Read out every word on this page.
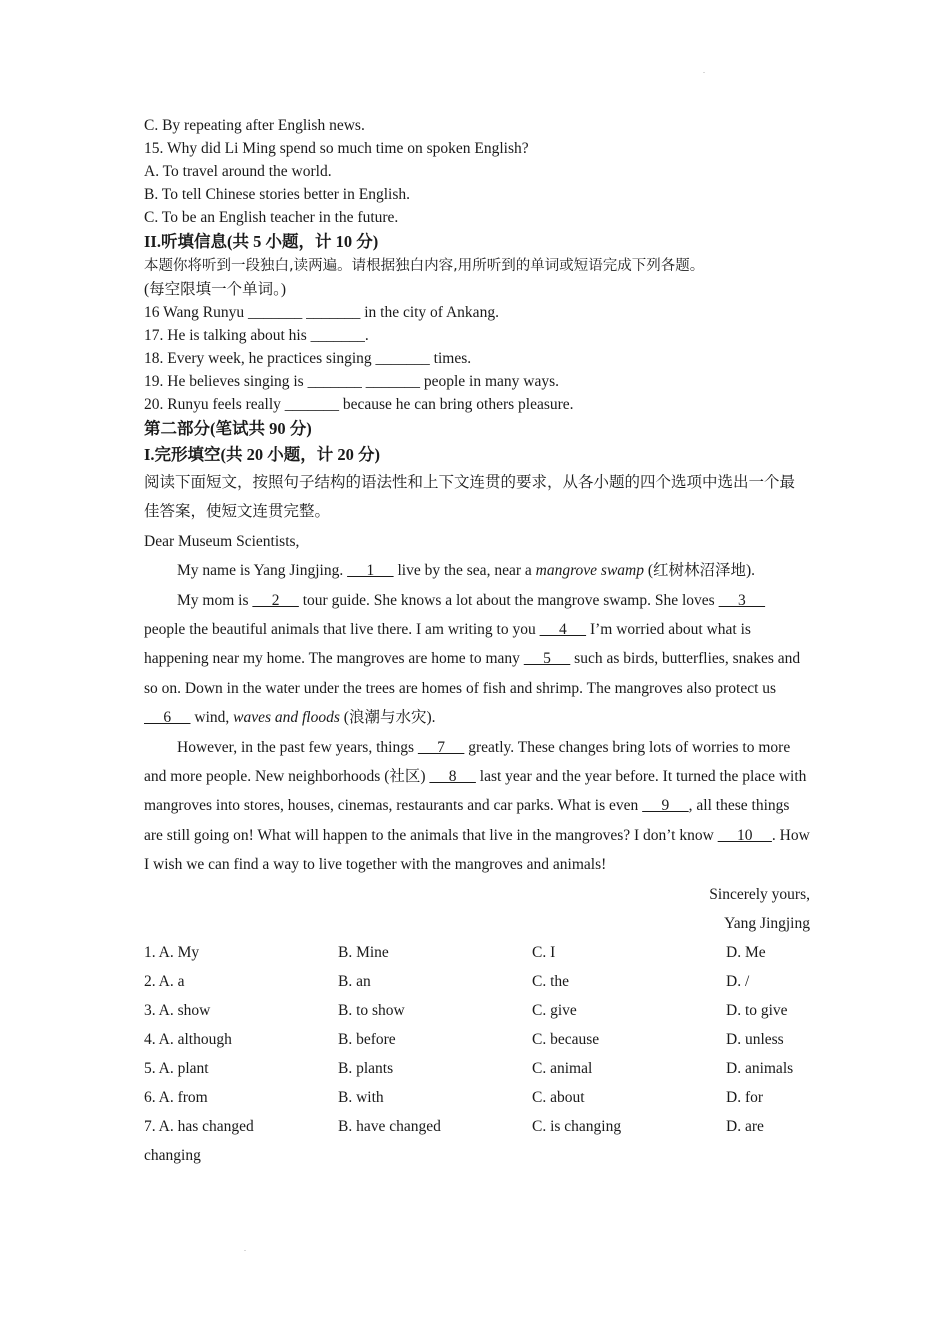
.
.
C. By repeating after English news.
15. Why did Li Ming spend so much time on spoken English?
A. To travel around the world.
B. To tell Chinese stories better in English.
C. To be an English teacher in the future.
II.听填信息(共 5 小题，计 10 分)
本题你将听到一段独白,读两遍。请根据独白内容,用所听到的单词或短语完成下列各题。
(每空限填一个单词。)
16 Wang Runyu _______ _______ in the city of Ankang.
17. He is talking about his _______.
18. Every week, he practices singing _______ times.
19. He believes singing is _______ _______ people in many ways.
20. Runyu feels really _______ because he can bring others pleasure.
第二部分(笔试共 90 分)
I.完形填空(共 20 小题，计 20 分)
阅读下面短文，按照句子结构的语法性和上下文连贯的要求，从各小题的四个选项中选出一个最佳答案，使短文连贯完整。
Dear Museum Scientists,
My name is Yang Jingjing.      1      live by the sea, near a mangrove swamp (红树林沼泽地).
My mom is      2      tour guide. She knows a lot about the mangrove swamp. She loves      3      people the beautiful animals that live there. I am writing to you      4      I’m worried about what is happening near my home. The mangroves are home to many      5      such as birds, butterflies, snakes and so on. Down in the water under the trees are homes of fish and shrimp. The mangroves also protect us      6      wind, waves and floods (浪潮与水灾).
However, in the past few years, things      7      greatly. These changes bring lots of worries to more and more people. New neighborhoods (社区)      8      last year and the year before. It turned the place with mangroves into stores, houses, cinemas, restaurants and car parks. What is even      9     , all these things are still going on! What will happen to the animals that live in the mangroves? I don’t know      10     . How I wish we can find a way to live together with the mangroves and animals!
Sincerely yours,
Yang Jingjing
1. A. My	B. Mine	C. I	D. Me
2. A. a	B. an	C. the	D. /
3. A. show	B. to show	C. give	D. to give
4. A. although	B. before	C. because	D. unless
5. A. plant	B. plants	C. animal	D. animals
6. A. from	B. with	C. about	D. for
7. A. has changed	B. have changed	C. is changing	D. are
changing
